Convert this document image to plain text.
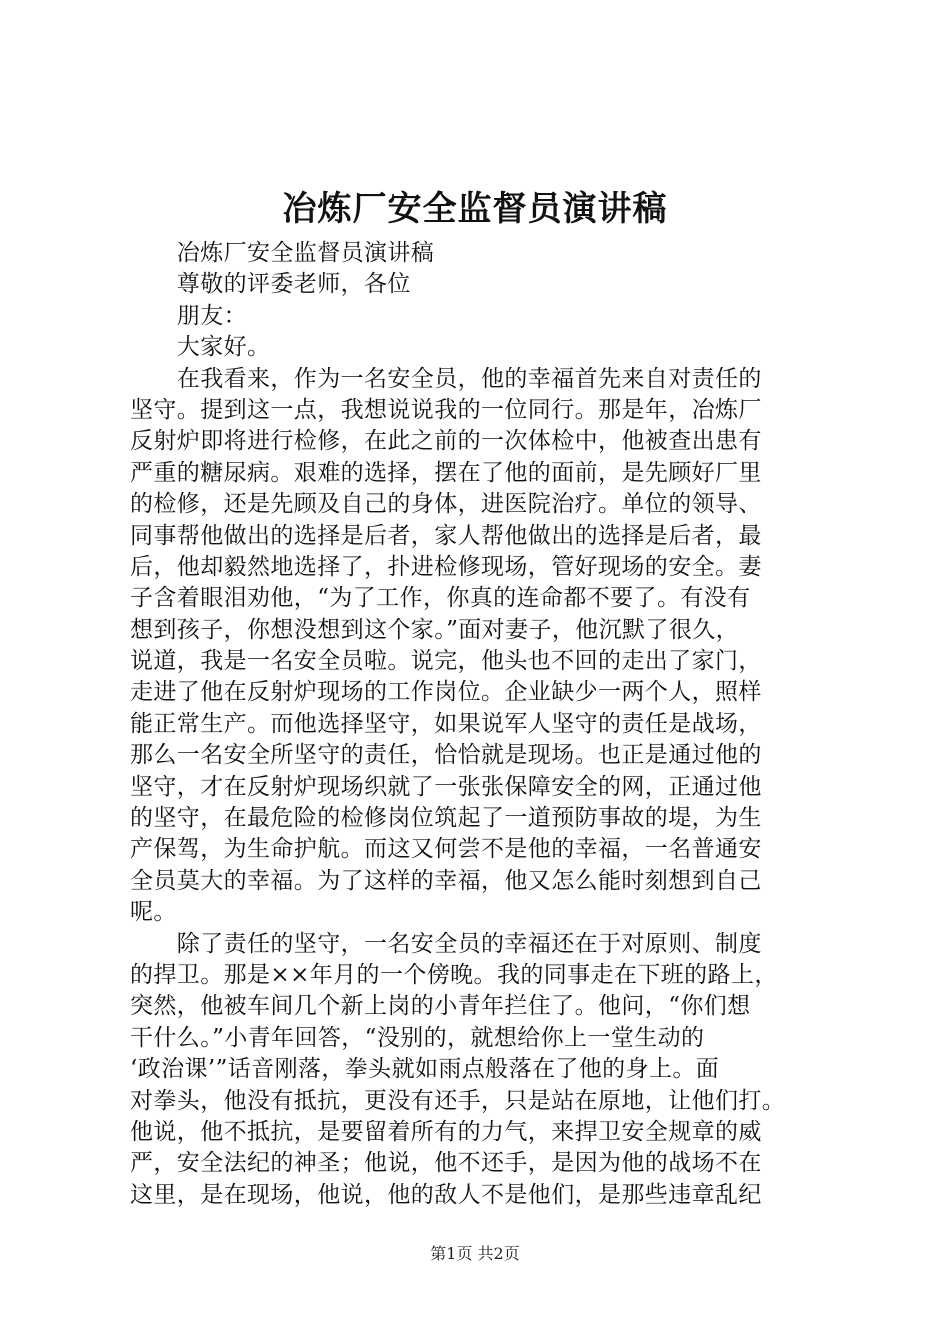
冶炼厂安全监督员演讲稿
　　冶炼厂安全监督员演讲稿
　　尊敬的评委老师，各位
　　朋友：
　　大家好。
　　在我看来，作为一名安全员，他的幸福首先来自对责任的
坚守。提到这一点，我想说说我的一位同行。那是年，冶炼厂
反射炉即将进行检修，在此之前的一次体检中，他被查出患有
严重的糖尿病。艰难的选择，摆在了他的面前，是先顾好厂里
的检修，还是先顾及自己的身体，进医院治疗。单位的领导、
同事帮他做出的选择是后者，家人帮他做出的选择是后者，最
后，他却毅然地选择了，扑进检修现场，管好现场的安全。妻
子含着眼泪劝他，“为了工作，你真的连命都不要了。有没有
想到孩子，你想没想到这个家。”面对妻子，他沉默了很久，
说道，我是一名安全员啦。说完，他头也不回的走出了家门，
走进了他在反射炉现场的工作岗位。企业缺少一两个人，照样
能正常生产。而他选择坚守，如果说军人坚守的责任是战场，
那么一名安全所坚守的责任，恰恰就是现场。也正是通过他的
坚守，才在反射炉现场织就了一张张保障安全的网，正通过他
的坚守，在最危险的检修岗位筑起了一道预防事故的堤，为生
产保驾，为生命护航。而这又何尝不是他的幸福，一名普通安
全员莫大的幸福。为了这样的幸福，他又怎么能时刻想到自己
呢。
　　除了责任的坚守，一名安全员的幸福还在于对原则、制度
的捍卫。那是××年月的一个傍晚。我的同事走在下班的路上，
突然，他被车间几个新上岗的小青年拦住了。他问，“你们想
干什么。”小青年回答，“没别的，就想给你上一堂生动的
‘政治课’”话音刚落，拳头就如雨点般落在了他的身上。面
对拳头，他没有抵抗，更没有还手，只是站在原地，让他们打。
他说，他不抵抗，是要留着所有的力气，来捍卫安全规章的威
严，安全法纪的神圣；他说，他不还手，是因为他的战场不在
这里，是在现场，他说，他的敌人不是他们，是那些违章乱纪
第1页 共2页
